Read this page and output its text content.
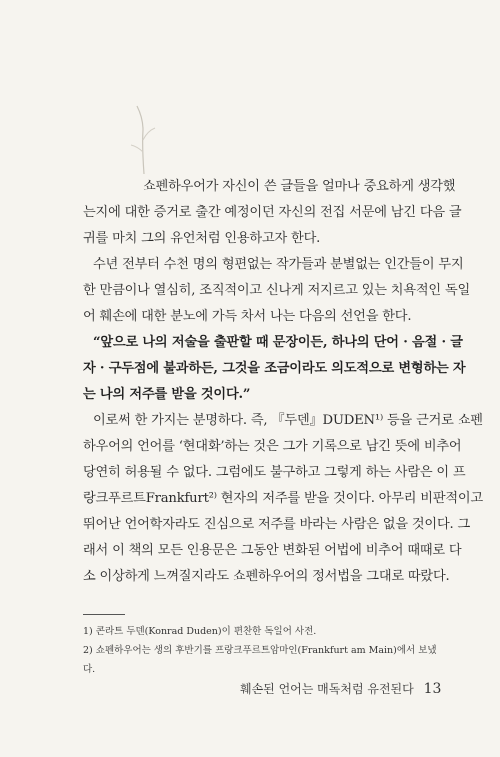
쇼펜하우어가 자신이 쓴 글들을 얼마나 중요하게 생각했
는지에 대한 증거로 출간 예정이던 자신의 전집 서문에 남긴 다음 글
귀를 마치 그의 유언처럼 인용하고자 한다.
수년 전부터 수천 명의 형편없는 작가들과 분별없는 인간들이 무지
한 만큼이나 열심히, 조직적이고 신나게 저지르고 있는 치욕적인 독일
어 훼손에 대한 분노에 가득 차서 나는 다음의 선언을 한다.
“앞으로 나의 저술을 출판할 때 문장이든, 하나의 단어 · 음절 · 글
자 · 구두점에 불과하든, 그것을 조금이라도 의도적으로 변형하는 자
는 나의 저주를 받을 것이다.”
이로써 한 가지는 분명하다. 즉, 『두덴』DUDEN¹⁾ 등을 근거로 쇼펜
하우어의 언어를 ‘현대화’하는 것은 그가 기록으로 남긴 뜻에 비추어
당연히 허용될 수 없다. 그럼에도 불구하고 그렇게 하는 사람은 이 프
랑크푸르트Frankfurt²⁾ 현자의 저주를 받을 것이다. 아무리 비판적이고
뛰어난 언어학자라도 진심으로 저주를 바라는 사람은 없을 것이다. 그
래서 이 책의 모든 인용문은 그동안 변화된 어법에 비추어 때때로 다
소 이상하게 느껴질지라도 쇼펜하우어의 정서법을 그대로 따랐다.
1) 콘라트 두덴(Konrad Duden)이 편찬한 독일어 사전.
2) 쇼펜하우어는 생의 후반기를 프랑크푸르트암마인(Frankfurt am Main)에서 보냈다.
훼손된 언어는 매독처럼 유전된다 13
